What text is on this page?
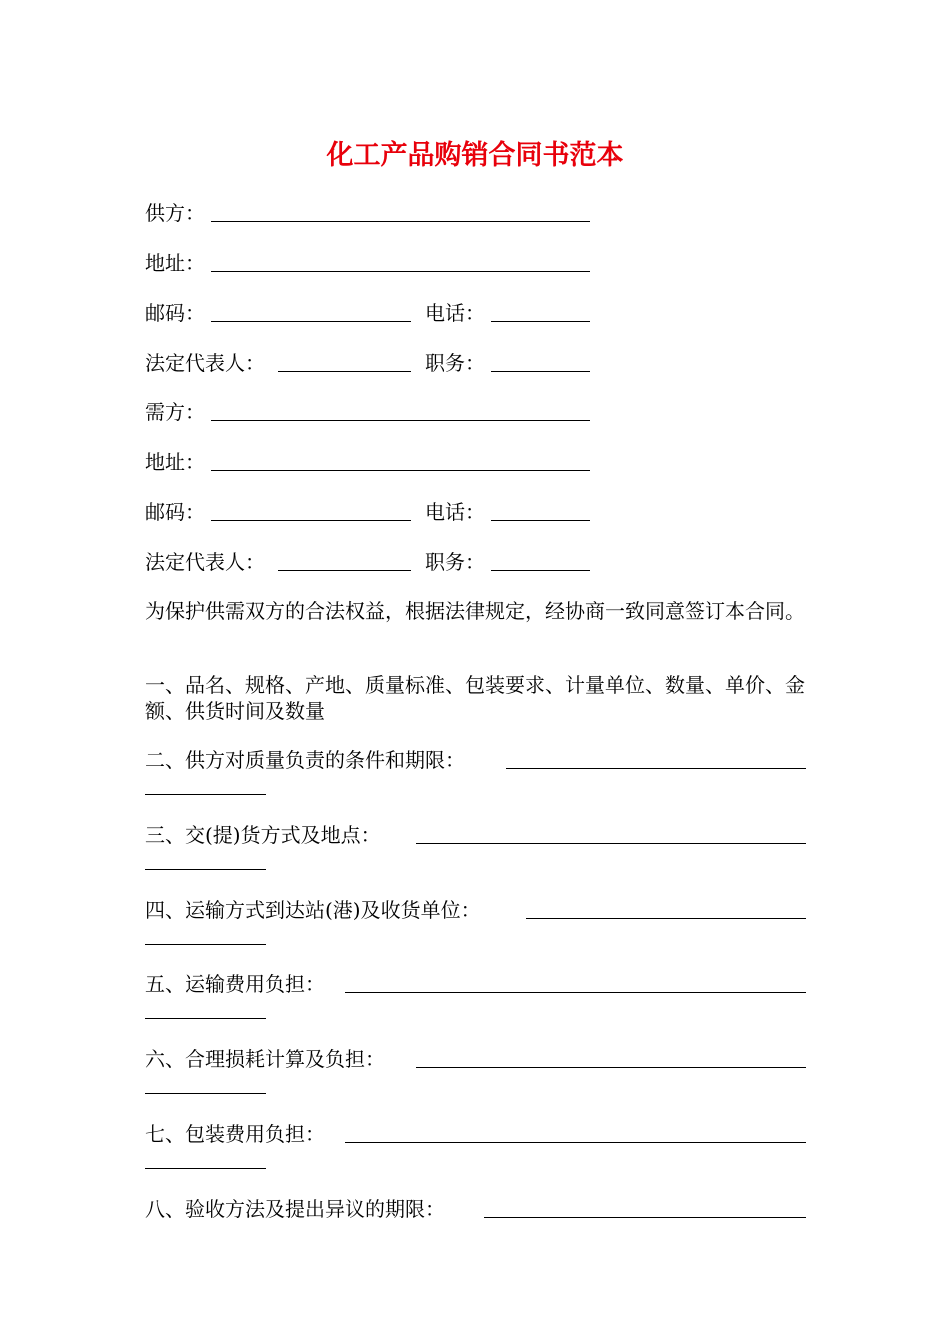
化工产品购销合同书范本
供方：
地址：
邮码：	电话：
法定代表人：	职务：
需方：
地址：
邮码：	电话：
法定代表人：	职务：
为保护供需双方的合法权益，根据法律规定，经协商一致同意签订本合同。
一、品名、规格、产地、质量标准、包装要求、计量单位、数量、单价、金额、供货时间及数量
二、供方对质量负责的条件和期限：
三、交(提)货方式及地点：
四、运输方式到达站(港)及收货单位：
五、运输费用负担：
六、合理损耗计算及负担：
七、包装费用负担：
八、验收方法及提出异议的期限：
